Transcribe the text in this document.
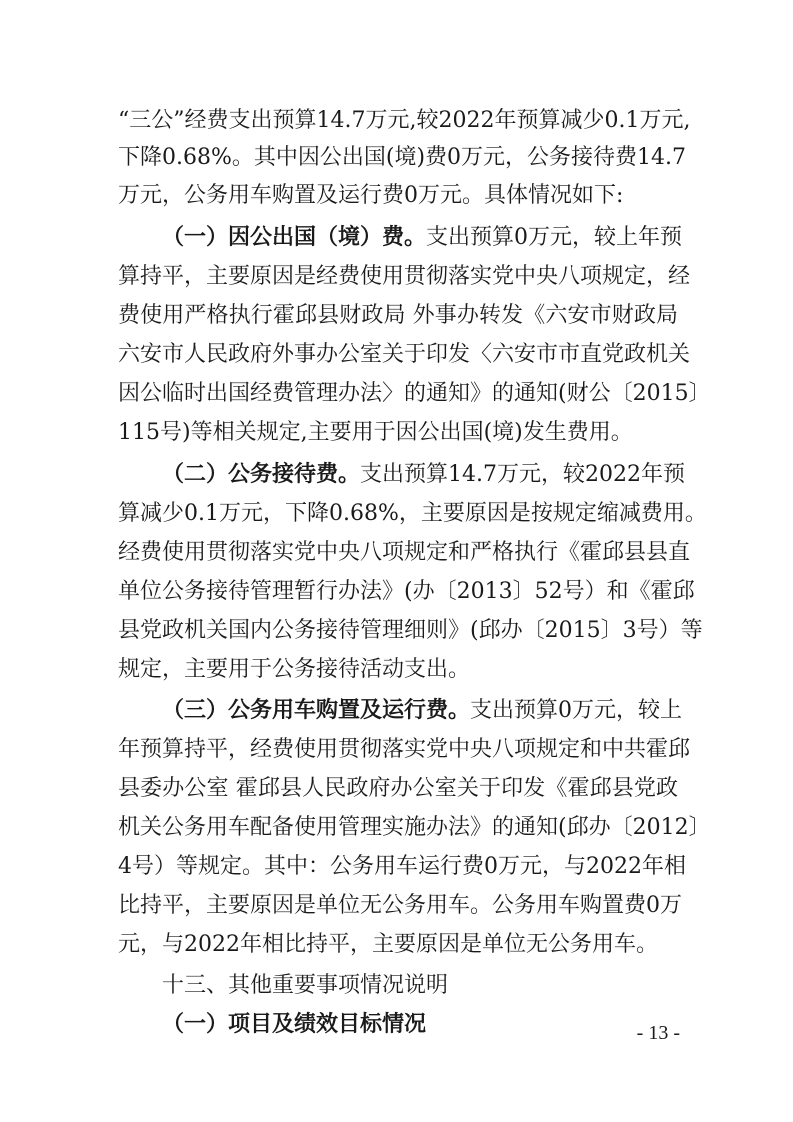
“三公”经费支出预算14.7万元,较2022年预算减少0.1万元,
下降0.68%。其中因公出国(境)费0万元，公务接待费14.7
万元，公务用车购置及运行费0万元。具体情况如下:
（一）因公出国（境）费。支出预算0万元，较上年预
算持平，主要原因是经费使用贯彻落实党中央八项规定，经
费使用严格执行霍邱县财政局 外事办转发《六安市财政局
六安市人民政府外事办公室关于印发〈六安市市直党政机关
因公临时出国经费管理办法〉的通知》的通知(财公〔2015〕
115号)等相关规定,主要用于因公出国(境)发生费用。
（二）公务接待费。支出预算14.7万元，较2022年预
算减少0.1万元，下降0.68%，主要原因是按规定缩减费用。
经费使用贯彻落实党中央八项规定和严格执行《霍邱县县直
单位公务接待管理暂行办法》(办〔2013〕52号）和《霍邱
县党政机关国内公务接待管理细则》(邱办〔2015〕3号）等
规定，主要用于公务接待活动支出。
（三）公务用车购置及运行费。支出预算0万元，较上
年预算持平，经费使用贯彻落实党中央八项规定和中共霍邱
县委办公室 霍邱县人民政府办公室关于印发《霍邱县党政
机关公务用车配备使用管理实施办法》的通知(邱办〔2012〕
4号）等规定。其中：公务用车运行费0万元，与2022年相
比持平，主要原因是单位无公务用车。公务用车购置费0万
元，与2022年相比持平，主要原因是单位无公务用车。
十三、其他重要事项情况说明
（一）项目及绩效目标情况	- 13 -
